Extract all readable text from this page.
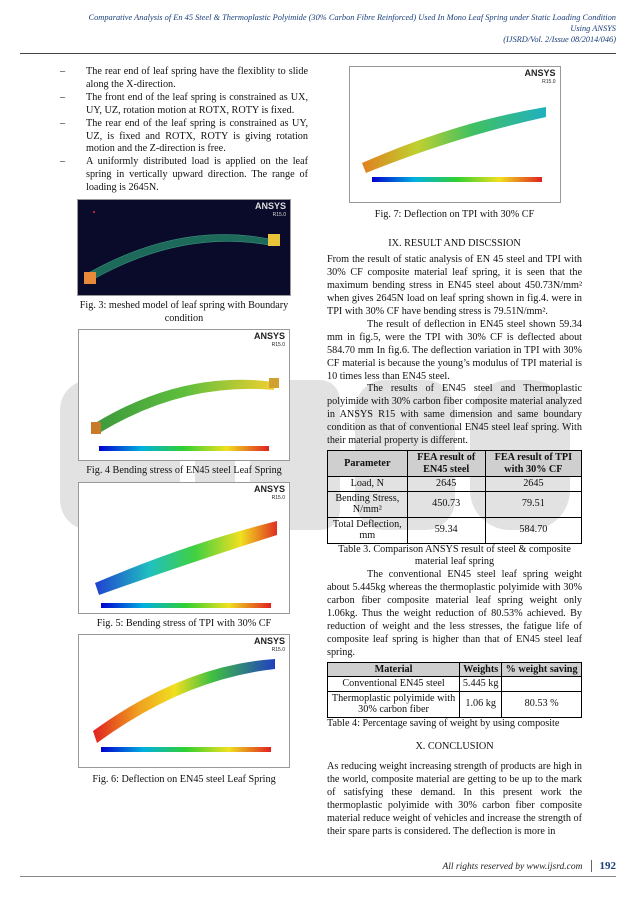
Comparative Analysis of En 45 Steel & Thermoplastic Polyimide (30% Carbon Fibre Reinforced) Used In Mono Leaf Spring under Static Loading Condition
Using ANSYS
(IJSRD/Vol. 2/Issue 08/2014/046)
–	The rear end of leaf spring have the flexiblity to slide along the X-direction.
–	The front end of the leaf spring is constrained as UX, UY, UZ, rotation motion at ROTX, ROTY is fixed.
–	The rear end of the leaf spring is constrained as UY, UZ, is fixed and ROTX, ROTY is giving rotation motion and the Z-direction is free.
–	A uniformly distributed load is applied on the leaf spring in vertically upward direction. The range of loading is 2645N.
ANSYS
R15.0
Fig. 3: meshed model of leaf spring with Boundary condition
ANSYS
R15.0
Fig. 4 Bending stress of EN45 steel Leaf Spring
ANSYS
R15.0
Fig. 5: Bending stress of TPI with 30% CF
ANSYS
R15.0
Fig. 6: Deflection on EN45 steel Leaf Spring
ANSYS
R15.0
Fig. 7: Deflection on TPI with 30% CF
IX. RESULT AND DISCSSION

From the result of static analysis of EN 45 steel and TPI with 30% CF composite material leaf spring, it is seen that the maximum bending stress in EN45 steel about 450.73N/mm² when gives 2645N load on leaf spring shown in fig.4. were in TPI with 30% CF have bending stress is 79.51N/mm².

The result of deflection in EN45 steel shown 59.34 mm in fig.5, were the TPI with 30% CF is deflected about 584.70 mm In fig.6. The deflection variation in TPI with 30% CF material is because the young’s modulus of TPI material is 10 times less than EN45 steel.

The results of EN45 steel and Thermoplastic polyimide with 30% carbon fiber composite material analyzed in ANSYS R15 with same dimension and same boundary condition as that of conventional EN45 steel leaf spring. With their material property is different.

Parameter	FEA result of EN45 steel	FEA result of TPI with 30% CF
Load, N	2645	2645
Bending Stress, N/mm²	450.73	79.51
Total Deflection, mm	59.34	584.70
Table 3. Comparison ANSYS result of steel & composite material leaf spring

The conventional EN45 steel leaf spring weight about 5.445kg whereas the thermoplastic polyimide with 30% carbon fiber composite material leaf spring weight only 1.06kg. Thus the weight reduction of 80.53% achieved. By reduction of weight and the less stresses, the fatigue life of composite leaf spring is higher than that of EN45 steel leaf spring.

Material	Weights	% weight saving
Conventional EN45 steel	5.445 kg	
Thermoplastic polyimide with 30% carbon fiber	1.06 kg	80.53 %
Table 4: Percentage saving of weight by using composite
X. CONCLUSION

As reducing weight increasing strength of products are high in the world, composite material are getting to be up to the mark of satisfying these demand. In this present work the thermoplastic polyimide with 30% carbon fiber composite material reduce weight of vehicles and increase the strength of their spare parts is considered. The deflection is more in

All rights reserved by www.ijsrd.com 192
